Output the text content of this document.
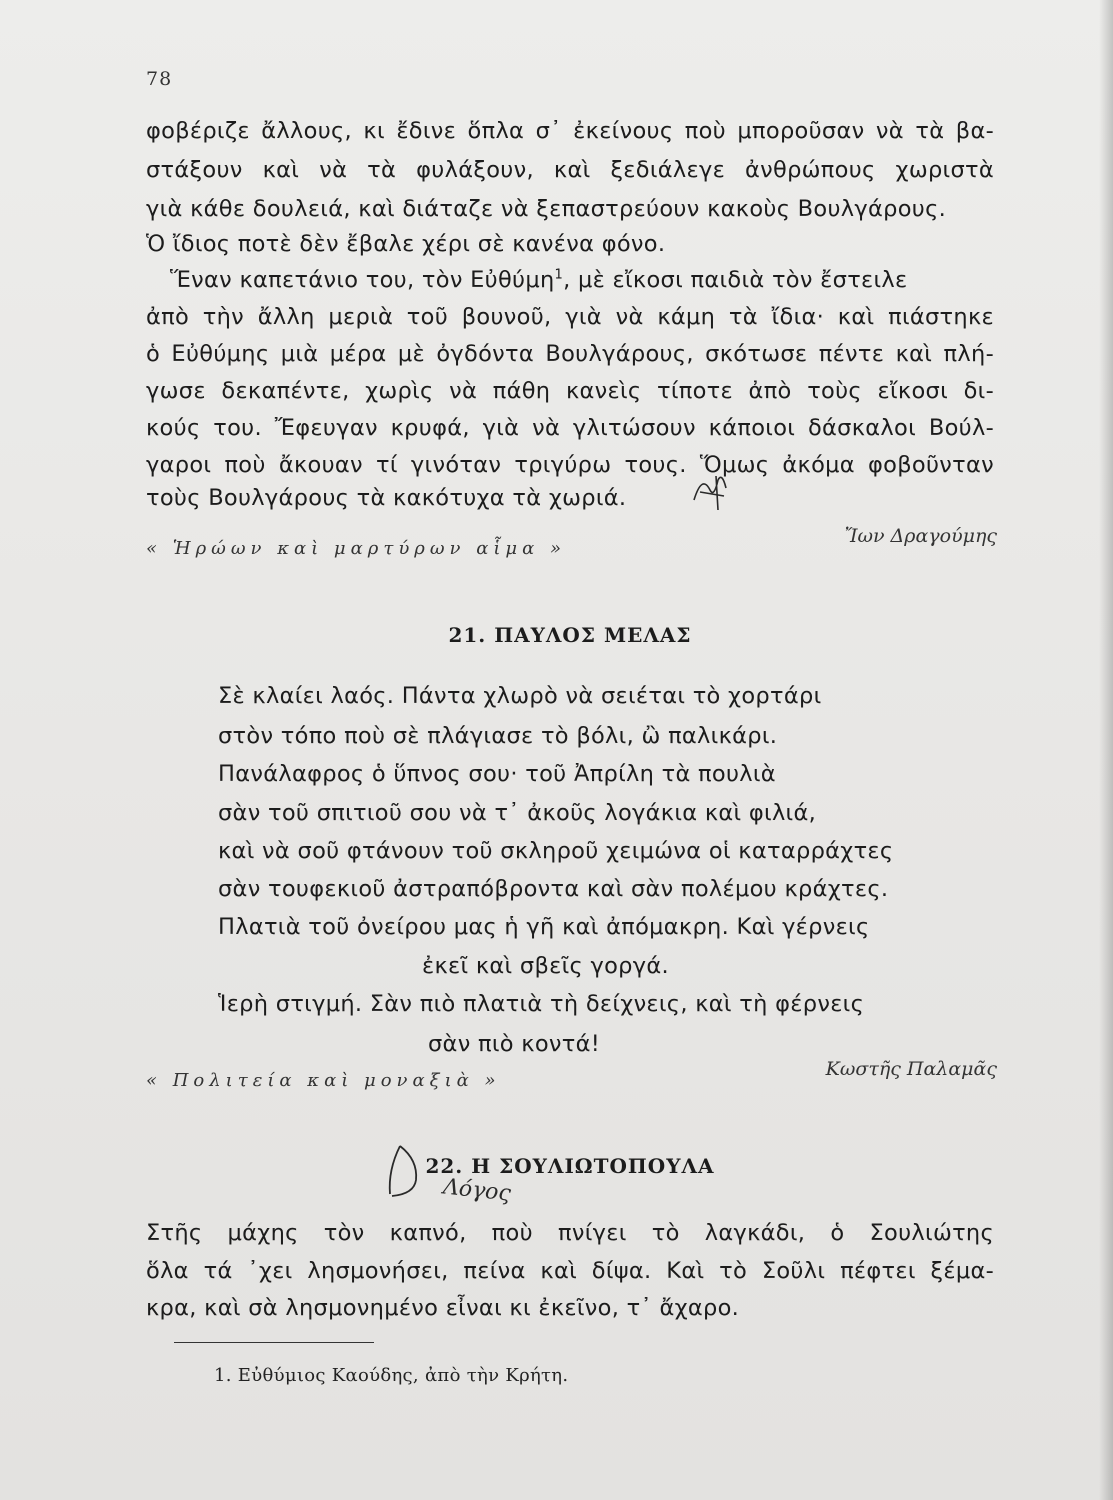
78
φοβέριζε ἄλλους, κι ἔδινε ὅπλα σ᾽ ἐκείνους ποὺ μποροῦσαν νὰ τὰ βα-
στάξουν καὶ νὰ τὰ φυλάξουν, καὶ ξεδιάλεγε ἀνθρώπους χωριστὰ
γιὰ κάθε δουλειά, καὶ διάταζε νὰ ξεπαστρεύουν κακοὺς Βουλγάρους.
Ὁ ἴδιος ποτὲ δὲν ἔβαλε χέρι σὲ κανένα φόνο.
Ἕναν καπετάνιο του, τὸν Εὐθύμη$^1$, μὲ εἴκοσι παιδιὰ τὸν ἔστειλε
ἀπὸ τὴν ἄλλη μεριὰ τοῦ βουνοῦ, γιὰ νὰ κάμη τὰ ἴδια· καὶ πιάστηκε
ὁ Εὐθύμης μιὰ μέρα μὲ ὀγδόντα Βουλγάρους, σκότωσε πέντε καὶ πλή-
γωσε δεκαπέντε, χωρὶς νὰ πάθη κανεὶς τίποτε ἀπὸ τοὺς εἴκοσι δι-
κούς του. Ἔφευγαν κρυφά, γιὰ νὰ γλιτώσουν κάποιοι δάσκαλοι Βούλ-
γαροι ποὺ ἄκουαν τί γινόταν τριγύρω τους. Ὅμως ἀκόμα φοβοῦνταν
τοὺς Βουλγάρους τὰ κακότυχα τὰ χωριά.
« Ἡρώων καὶ μαρτύρων αἷμα »
Ἴων Δραγούμης
21. ΠΑΥΛΟΣ ΜΕΛΑΣ
Σὲ κλαίει λαός. Πάντα χλωρὸ νὰ σειέται τὸ χορτάρι
στὸν τόπο ποὺ σὲ πλάγιασε τὸ βόλι, ὢ παλικάρι.
Πανάλαφρος ὁ ὕπνος σου· τοῦ Ἀπρίλη τὰ πουλιὰ
σὰν τοῦ σπιτιοῦ σου νὰ τ᾽ ἀκοῦς λογάκια καὶ φιλιά,
καὶ νὰ σοῦ φτάνουν τοῦ σκληροῦ χειμώνα οἱ καταρράχτες
σὰν τουφεκιοῦ ἀστραπόβροντα καὶ σὰν πολέμου κράχτες.
Πλατιὰ τοῦ ὀνείρου μας ἡ γῆ καὶ ἀπόμακρη. Καὶ γέρνεις
ἐκεῖ καὶ σβεῖς γοργά.
Ἱερὴ στιγμή. Σὰν πιὸ πλατιὰ τὴ δείχνεις, καὶ τὴ φέρνεις
σὰν πιὸ κοντά!
« Πολιτεία καὶ μοναξιὰ »
Κωστῆς Παλαμᾶς
22. Η ΣΟΥΛΙΩΤΟΠΟΥΛΑ
Λόγος
Στῆς μάχης τὸν καπνό, ποὺ πνίγει τὸ λαγκάδι, ὁ Σουλιώτης
ὅλα τά ᾽χει λησμονήσει, πείνα καὶ δίψα. Καὶ τὸ Σοῦλι πέφτει ξέμα-
κρα, καὶ σὰ λησμονημένο εἶναι κι ἐκεῖνο, τ᾽ ἄχαρο.
1. Εὐθύμιος Καούδης, ἀπὸ τὴν Κρήτη.
